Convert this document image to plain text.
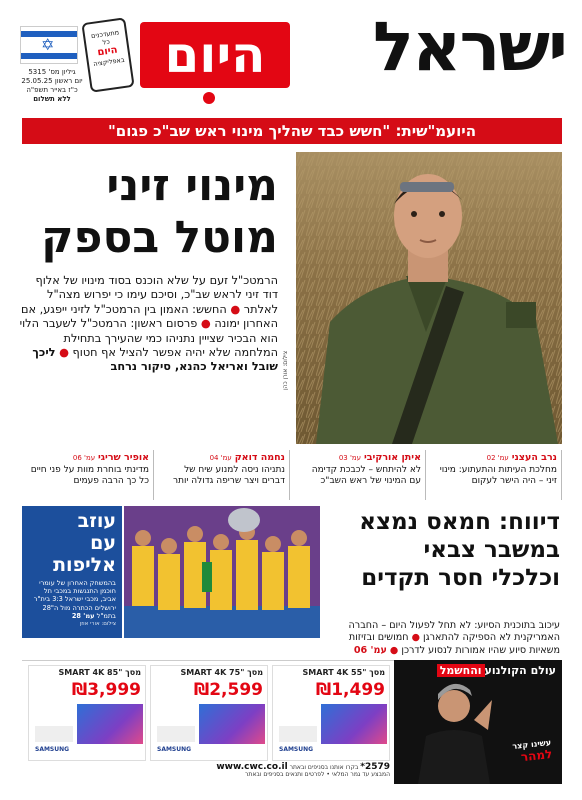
ישראל
היום
✡
גיליון מס' 5315
יום ראשון 25.05.25
כ"ז באייר תשפ"ה
ללא תשלום
מתעדכנים
כל
היום
באפליקציה
היועמ"שית: "חשש כבד שהליך מינוי ראש שב"כ פגום"
מינוי זיני
מוטל בספק
הרמטכ"ל זעם על שלא הוכנס בסוד מינויו של אלוף דוד זיני לראש שב"כ, וסיכם עימו כי יפרוש מצה"ל לאלתר ● החשש: האמון בין הרמטכ"ל לזיני ייפגע, אם האחרון ימונה ● פרסום ראשון: הרמטכ"ל לשעבר הלוי הוא הבכיר שצייין נתניהו כמי שהעירך בתחילת המלחמה שלא יהיה אפשר להציל אף חטוף ● ליכך שובל ואריאל כהנא, סיקור נרחב צילום: אורן כהן
נרב העצני עמ' 02
מחלכת העיתות והתעתוע: מינוי זיני – היה הישר לעקום
איתן אורקיבי עמ' 03
לא להיתחש – לכבכת קדימה עם המינוי של ראש השב"כ
נחמה דואק עמ' 04
נתניהו ניסה למנוע שיח של דברים ויצר שריפה גדולה יותר
אופיר שריגי עמ' 06
מדינתי בוחרת מוות על פני חיים כל כך הרבה פעמים
דיווח: חמאס נמצא
במשבר צבאי
וכלכלי חסר תקדים
עיכוב בתוכנית הסיוע: לא תחל לפעול היום – החברה האמריקנית לא הספיקה להתארגן ● חמושים ובזיזות משאיות סיוע שהיו אמורות לנסוע לדרכן ● עמ' 06
עוזב
עם
אליפות
בהמשחק האחרון של עומרי חוכמן התנגשות במכבי תל אביב, מכבי ישראל 3:3 בית"ר ירושלים הכתרה מול ה"28 בתמ"ל עמ' 28
צילום: אורי אוזן
SMART 4K 55" מסך
₪1,499
SAMSUNG
SMART 4K 75" מסך
₪2,599
SAMSUNG
SMART 4K 85" מסך
₪3,999
SAMSUNG
2579* בקרו אותנו בסניפים ובאתר www.cwc.co.il
המבצע עד גמר המלאי • לפרטים ותנאים בסניפים ובאתר
עולם הקולנועוהחשמל
עשינו קצר
למהר
